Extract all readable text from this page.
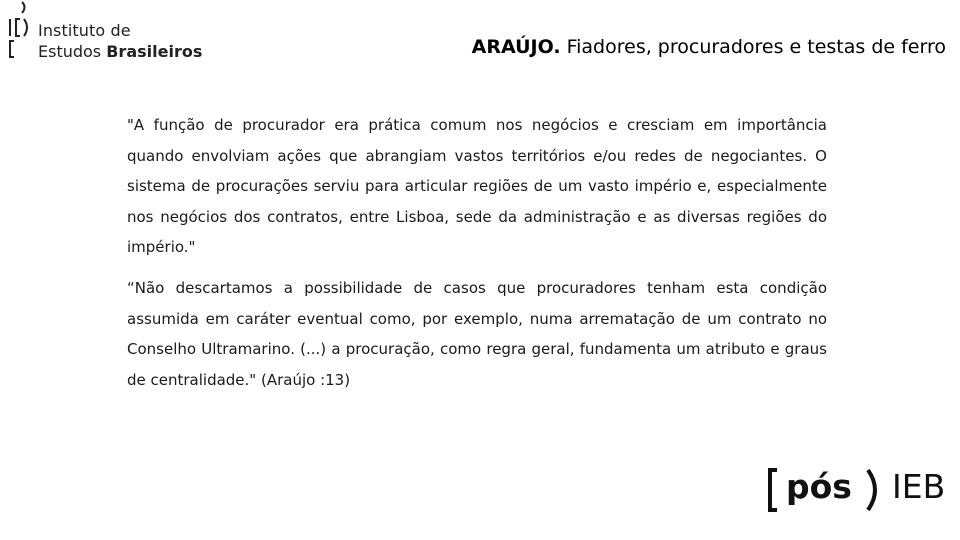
Instituto de
Estudos Brasileiros	ARAÚJO. Fiadores, procuradores e testas de ferro

"A função de procurador era prática comum nos negócios e cresciam em importância quando envolviam ações que abrangiam vastos territórios e/ou redes de negociantes. O sistema de procurações serviu para articular regiões de um vasto império e, especialmente nos negócios dos contratos, entre Lisboa, sede da administração e as diversas regiões do império."

“Não descartamos a possibilidade de casos que procuradores tenham esta condição assumida em caráter eventual como, por exemplo, numa arrematação de um contrato no Conselho Ultramarino. (...) a procuração, como regra geral, fundamenta um atributo e graus de centralidade." (Araújo :13)

pós IEB
